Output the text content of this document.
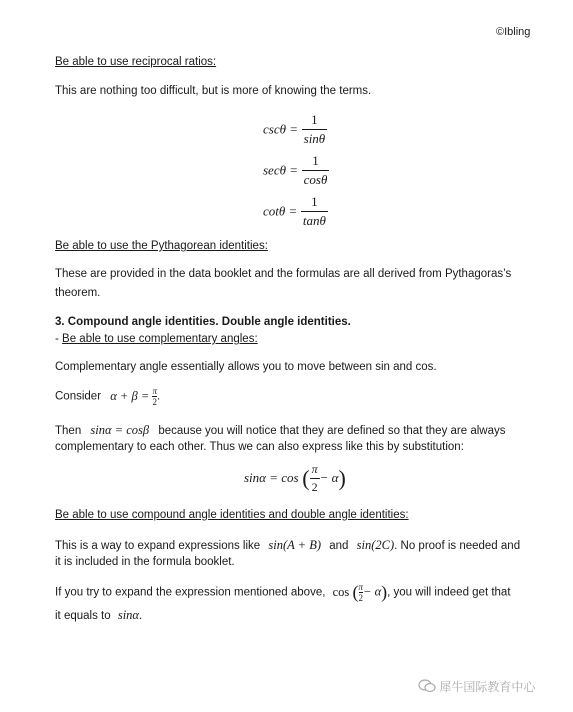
©Ibling
Be able to use reciprocal ratios:
This are nothing too difficult, but is more of knowing the terms.
$\csc\theta = \frac{1}{\sin\theta}$
$\sec\theta = \frac{1}{\cos\theta}$
$\cot\theta = \frac{1}{\tan\theta}$
Be able to use the Pythagorean identities:
These are provided in the data booklet and the formulas are all derived from Pythagoras’s
theorem.
3. Compound angle identities. Double angle identities.
- Be able to use complementary angles:
Complementary angle essentially allows you to move between sin and cos.
Consider $\alpha + \beta = \frac{\pi}{2}$ .
Then sinα = cosβ because you will notice that they are defined so that they are always
complementary to each other. Thus we can also express like this by substitution:
sinα = cos ( $\frac{\pi}{2} - \alpha$)
Be able to use compound angle identities and double angle identities:
This is a way to expand expressions like sin(A + B) and sin(2C). No proof is needed and
it is included in the formula booklet.
If you try to expand the expression mentioned above, $\cos (\frac{\pi}{2} - \alpha)$, you will indeed get that
it equals to sinα.
犀牛国际教育中心
